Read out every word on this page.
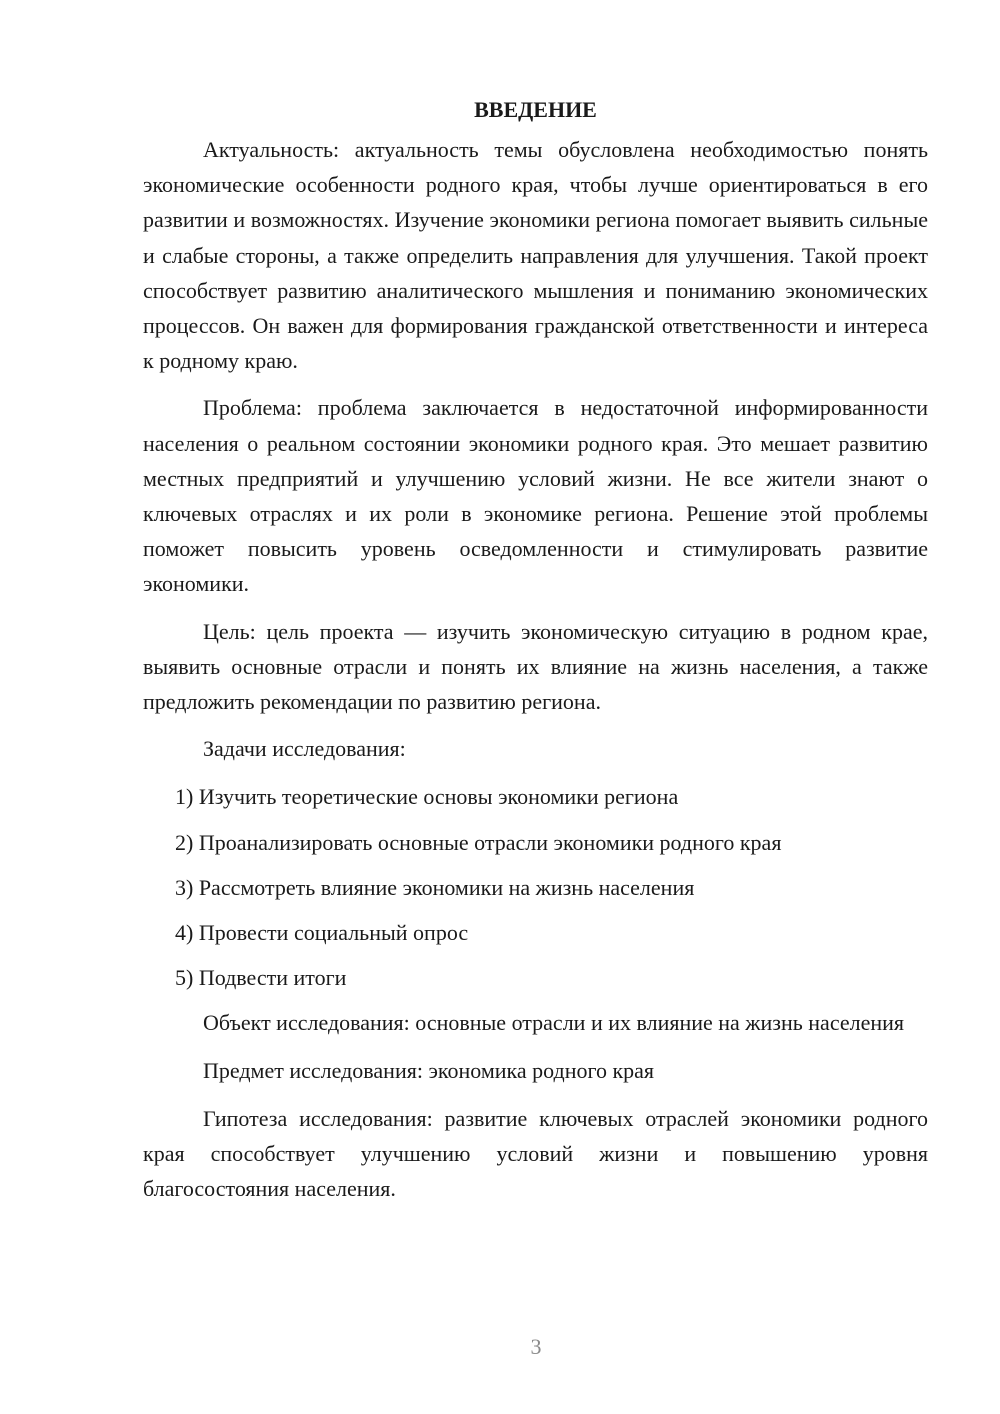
ВВЕДЕНИЕ

Актуальность: актуальность темы обусловлена необходимостью понять экономические особенности родного края, чтобы лучше ориентироваться в его развитии и возможностях. Изучение экономики региона помогает выявить сильные и слабые стороны, а также определить направления для улучшения. Такой проект способствует развитию аналитического мышления и пониманию экономических процессов. Он важен для формирования гражданской ответственности и интереса к родному краю.

Проблема: проблема заключается в недостаточной информированности населения о реальном состоянии экономики родного края. Это мешает развитию местных предприятий и улучшению условий жизни. Не все жители знают о ключевых отраслях и их роли в экономике региона. Решение этой проблемы поможет повысить уровень осведомленности и стимулировать развитие экономики.

Цель: цель проекта — изучить экономическую ситуацию в родном крае, выявить основные отрасли и понять их влияние на жизнь населения, а также предложить рекомендации по развитию региона.

Задачи исследования:

1) Изучить теоретические основы экономики региона
2) Проанализировать основные отрасли экономики родного края
3) Рассмотреть влияние экономики на жизнь населения
4) Провести социальный опрос
5) Подвести итоги

Объект исследования: основные отрасли и их влияние на жизнь населения

Предмет исследования: экономика родного края

Гипотеза исследования: развитие ключевых отраслей экономики родного края способствует улучшению условий жизни и повышению уровня благосостояния населения.

3
